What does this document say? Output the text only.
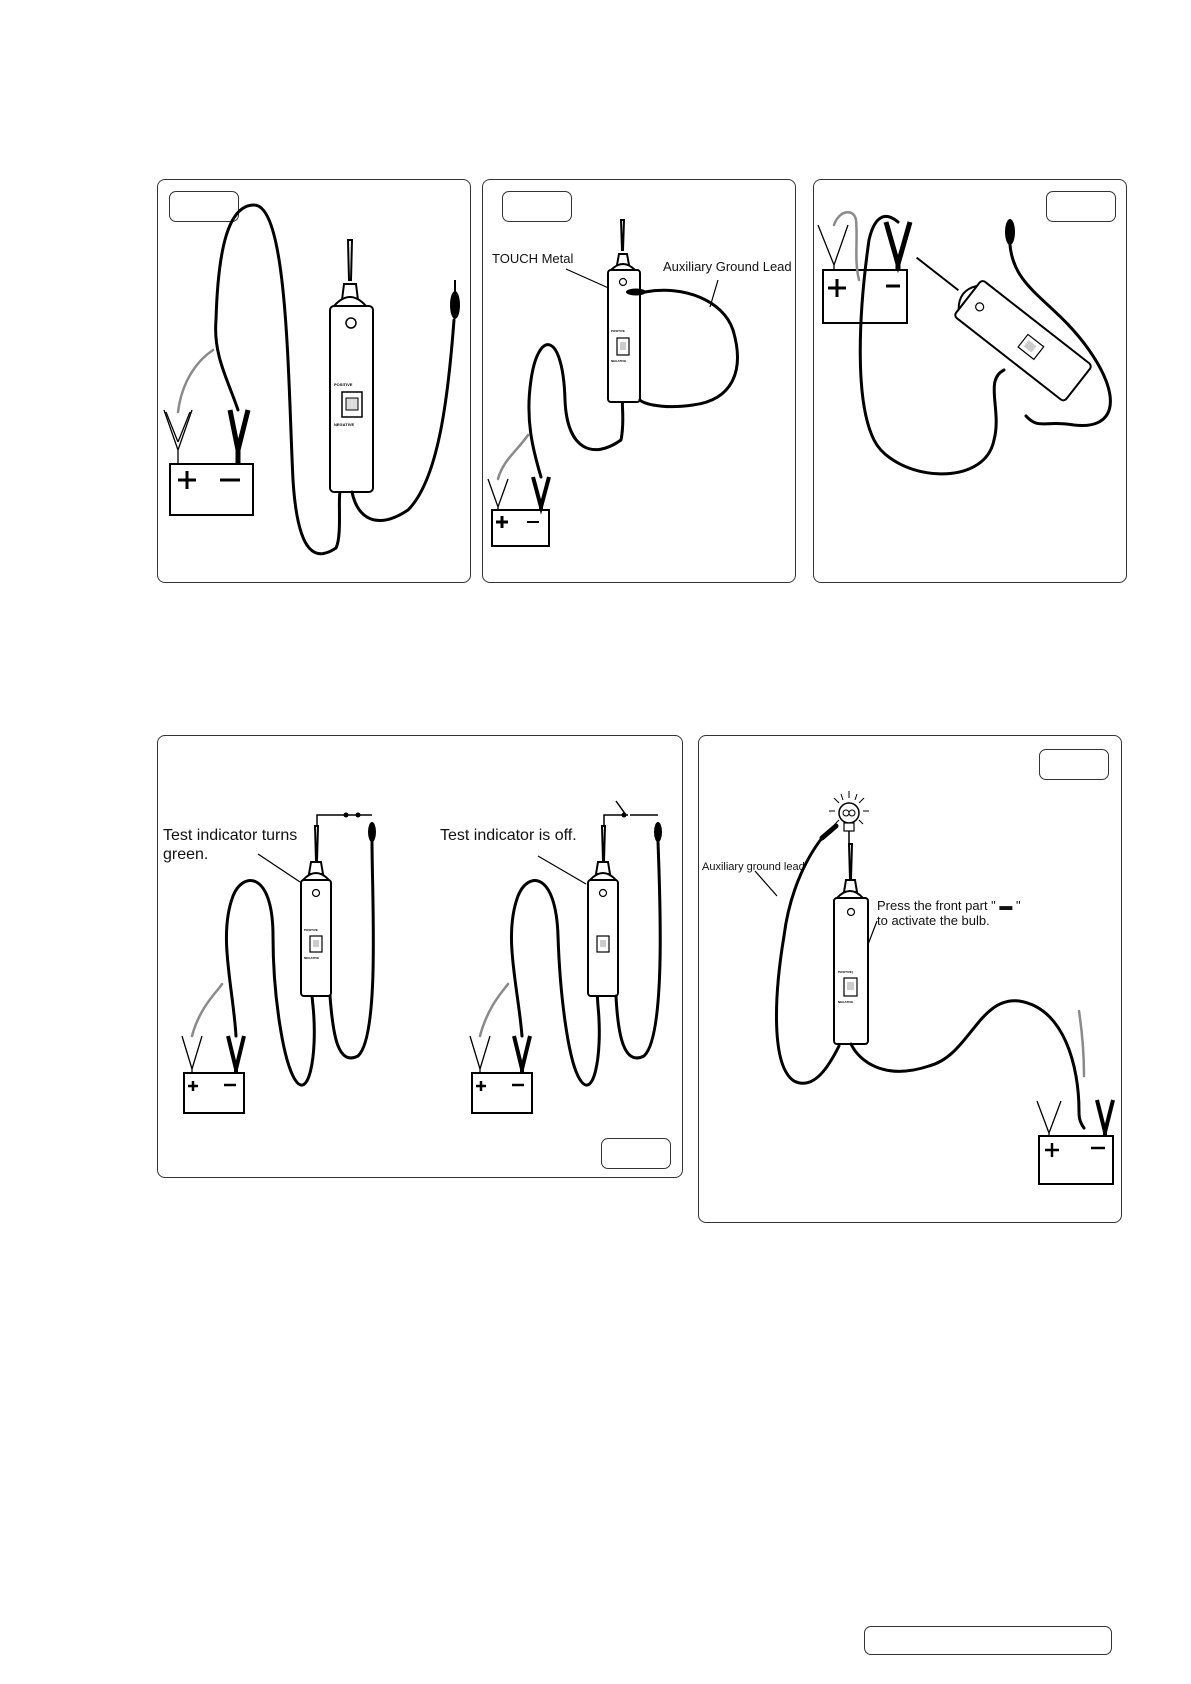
POSITIVE
NEGATIVE
TOUCH Metal
Auxiliary Ground Lead
POSITIVE
NEGATIVE
Test indicator turns
green.
Test indicator is off.
POSITIVE
NEGATIVE
Auxiliary ground lead
Press the front part " ▬ "
to activate the bulb.
POSITIVE]
NEGATIVE
